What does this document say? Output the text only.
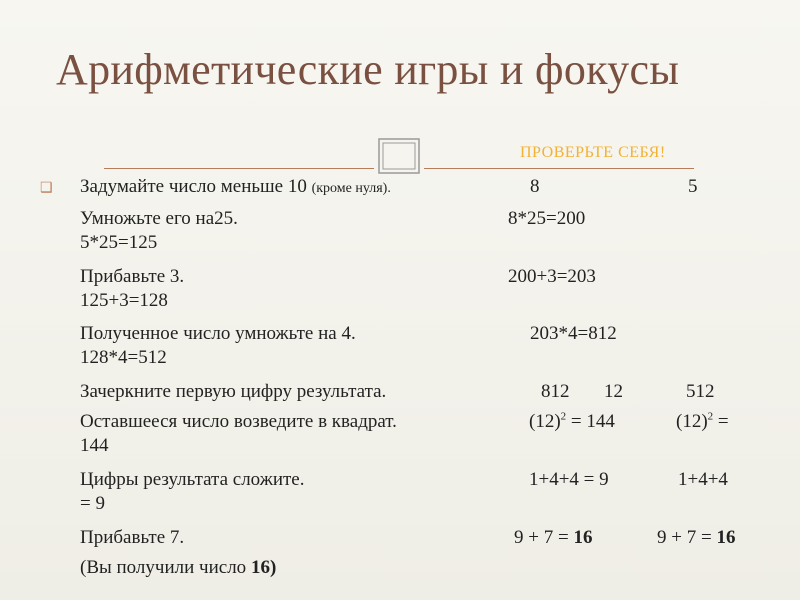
Арифметические игры и фокусы
ПРОВЕРЬТЕ СЕБЯ!
❑ Задумайте число меньше 10 (кроме нуля).	8	5
Умножьте его на25.	8*25=200
5*25=125
Прибавьте 3.	200+3=203
125+3=128
Полученное число умножьте на 4.	203*4=812
128*4=512
Зачеркните первую цифру результата.	812 12	512
Оставшееся число возведите в квадрат.	$(12)^2 = 144$	$(12)^2$ =
144
Цифры результата сложите.	1+4+4 = 9	1+4+4
= 9
Прибавьте 7.	9 + 7 = 16	9 + 7 = 16
(Вы получили число 16)
